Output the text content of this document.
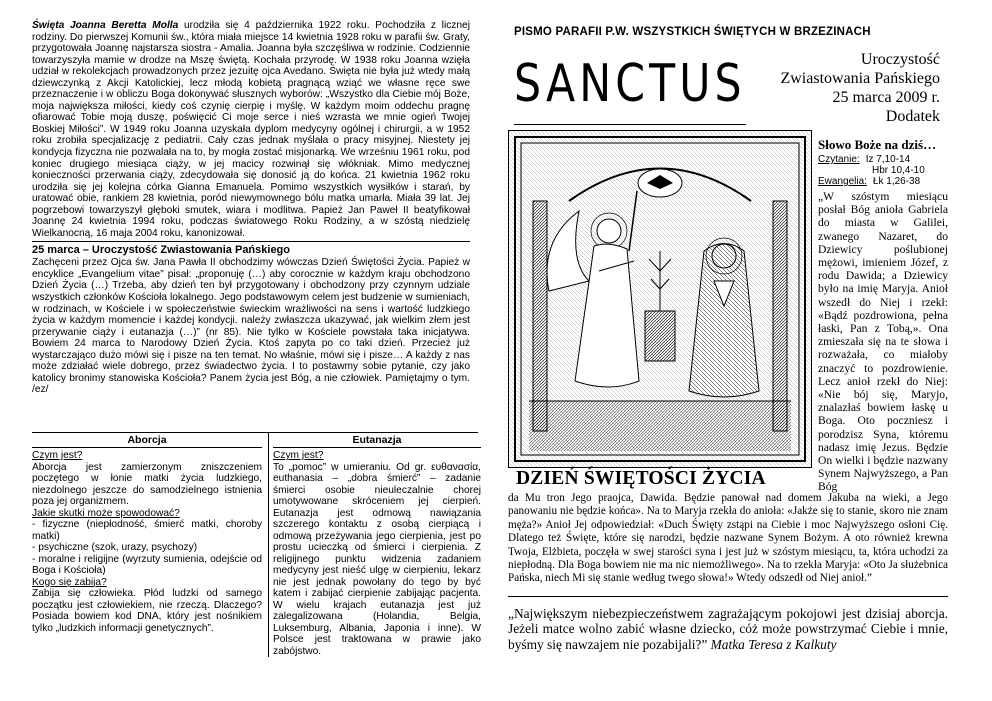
Święta Joanna Beretta Molla urodziła się 4 października 1922 roku. Pochodziła z licznej rodziny. Do pierwszej Komunii św., która miała miejsce 14 kwietnia 1928 roku w parafii św. Graty, przygotowała Joannę najstarsza siostra - Amalia. Joanna była szczęśliwa w rodzinie. Codziennie towarzyszyła mamie w drodze na Mszę świętą. Kochała przyrodę. W 1938 roku Joanna wzięła udział w rekolekcjach prowadzonych przez jezuitę ojca Avedano. Święta nie była już wtedy małą dziewczynką z Akcji Katolickiej, lecz młodą kobietą pragnącą wziąć we własne ręce swe przeznaczenie i w obliczu Boga dokonywać słusznych wyborów: „Wszystko dla Ciebie mój Boże, moja największa miłości, kiedy coś czynię cierpię i myślę. W każdym moim oddechu pragnę ofiarować Tobie moją duszę, poświęcić Ci moje serce i nieś wzrasta we mnie ogień Twojej Boskiej Miłości”. W 1949 roku Joanna uzyskała dyplom medycyny ogólnej i chirurgii, a w 1952 roku zrobiła specjalizację z pediatrii. Cały czas jednak myślała o pracy misyjnej. Niestety jej kondycja fizyczna nie pozwalała na to, by mogła zostać misjonarką. We wrześniu 1961 roku, pod koniec drugiego miesiąca ciąży, w jej macicy rozwinął się włókniak. Mimo medycznej konieczności przerwania ciąży, zdecydowała się donosić ją do końca. 21 kwietnia 1962 roku urodziła się jej kolejna córka Gianna Emanuela. Pomimo wszystkich wysiłków i starań, by uratować obie, rankiem 28 kwietnia, poród niewymownego bólu matka umarła. Miała 39 lat. Jej pogrzebowi towarzyszył głęboki smutek, wiara i modlitwa. Papież Jan Paweł II beatyfikował Joannę 24 kwietnia 1994 roku, podczas światowego Roku Rodziny, a w szóstą niedzielę Wielkanocną, 16 maja 2004 roku, kanonizował.

25 marca – Uroczystość Zwiastowania Pańskiego

Zachęceni przez Ojca św. Jana Pawła II obchodzimy wówczas Dzień Świętości Życia. Papież w encyklice „Evangelium vitae” pisał: „proponuję (…) aby corocznie w każdym kraju obchodzono Dzień Życia (…) Trzeba, aby dzień ten był przygotowany i obchodzony przy czynnym udziale wszystkich członków Kościoła lokalnego. Jego podstawowym celem jest budzenie w sumieniach, w rodzinach, w Kościele i w społeczeństwie świeckim wrażliwości na sens i wartość ludzkiego życia w każdym momencie i każdej kondycji. należy zwłaszcza ukazywać, jak wielkim złem jest przerywanie ciąży i eutanazja (…)” (nr 85). Nie tylko w Kościele powstała taka inicjatywa. Bowiem 24 marca to Narodowy Dzień Życia. Ktoś zapyta po co taki dzień. Przecież już wystarczająco dużo mówi się i pisze na ten temat. No właśnie, mówi się i pisze… A każdy z nas może zdziałać wiele dobrego, przez świadectwo życia. I to postawmy sobie pytanie, czy jako katolicy bronimy stanowiska Kościoła? Panem życia jest Bóg, a nie człowiek. Pamiętajmy o tym. /ez/

Aborcja

Czym jest?

Aborcja jest zamierzonym zniszczeniem poczętego w łonie matki życia ludzkiego, niezdolnego jeszcze do samodzielnego istnienia poza jej organizmem.

Jakie skutki może spowodować?

- fizyczne (niepłodność, śmierć matki, choroby matki)

- psychiczne (szok, urazy, psychozy)

- moralne i religijne (wyrzuty sumienia, odejście od Boga i Kościoła)

Kogo się zabija?

Zabija się człowieka. Płód ludzki od samego początku jest człowiekiem, nie rzeczą. Dlaczego? Posiada bowiem kod DNA, który jest nośnikiem tylko „ludzkich informacji genetycznych”.

Eutanazja

Czym jest?

To „pomoc” w umieraniu. Od gr. ευθανασία, euthanasia – „dobra śmierć” – zadanie śmierci osobie nieuleczalnie chorej umotywowane skróceniem jej cierpień. Eutanazja jest odmową nawiązania szczerego kontaktu z osobą cierpiącą i odmową przeżywania jego cierpienia, jest po prostu ucieczką od śmierci i cierpienia. Z religijnego punktu widzenia zadaniem medycyny jest nieść ulgę w cierpieniu, lekarz nie jest jednak powołany do tego by być katem i zabijać cierpienie zabijając pacjenta. W wielu krajach eutanazja jest już zalegalizowana (Holandia, Belgia, Luksemburg, Albania, Japonia i inne). W Polsce jest traktowana w prawie jako zabójstwo.

PISMO PARAFII P.W. WSZYSTKICH ŚWIĘTYCH W BRZEZINACH
SANCTUS	Uroczystość
Zwiastowania Pańskiego
25 marca 2009 r.
Dodatek
Słowo Boże na dziś…
Czytanie: Iz 7,10-14
Hbr 10,4-10
Ewangelia: Łk 1,26-38

„W szóstym miesiącu posłał Bóg anioła Gabriela do miasta w Galilei, zwanego Nazaret, do Dziewicy poślubionej mężowi, imieniem Józef, z rodu Dawida; a Dziewicy było na imię Maryja. Anioł wszedł do Niej i rzekł: «Bądź pozdrowiona, pełna łaski, Pan z Tobą,». Ona zmieszała się na te słowa i rozważała, co miałoby znaczyć to pozdrowienie. Lecz anioł rzekł do Niej: «Nie bój się, Maryjo, znalazłaś bowiem łaskę u Boga. Oto poczniesz i porodzisz Syna, któremu nadasz imię Jezus. Będzie On wielki i będzie nazwany Synem Najwyższego, a Pan Bóg

DZIEŃ ŚWIĘTOŚCI ŻYCIA

da Mu tron Jego praojca, Dawida. Będzie panował nad domem Jakuba na wieki, a Jego panowaniu nie będzie końca». Na to Maryja rzekła do anioła: «Jakże się to stanie, skoro nie znam męża?» Anioł Jej odpowiedział: «Duch Święty zstąpi na Ciebie i moc Najwyższego osłoni Cię. Dlatego też Święte, które się narodzi, będzie nazwane Synem Bożym. A oto również krewna Twoja, Elżbieta, poczęła w swej starości syna i jest już w szóstym miesiącu, ta, która uchodzi za niepłodną. Dla Boga bowiem nie ma nic niemożliwego». Na to rzekła Maryja: «Oto Ja służebnica Pańska, niech Mi się stanie według twego słowa!» Wtedy odszedł od Niej anioł.”

„Największym niebezpieczeństwem zagrażającym pokojowi jest dzisiaj aborcja. Jeżeli matce wolno zabić własne dziecko, cóż może powstrzymać Ciebie i mnie, byśmy się nawzajem nie pozabijali?” Matka Teresa z Kalkuty
